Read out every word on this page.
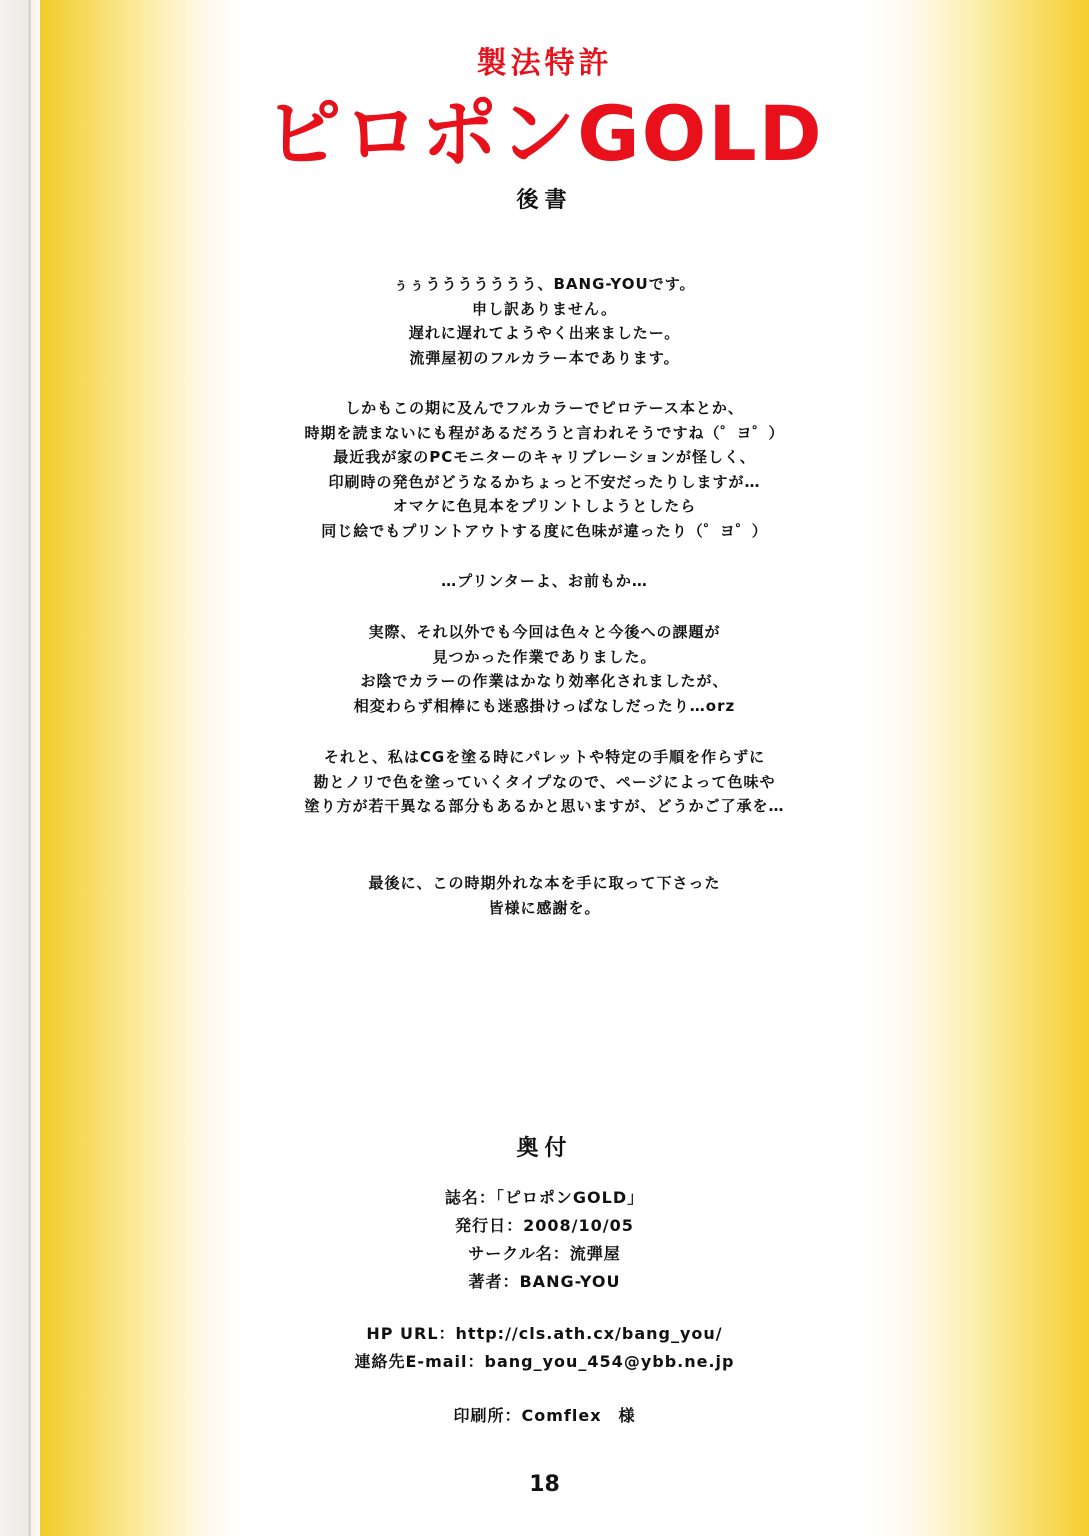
製法特許
ピロポンGOLD
後書
ぅぅううううううう、BANG-YOUです。
申し訳ありません。
遅れに遅れてようやく出来ましたー。
流弾屋初のフルカラー本であります。
しかもこの期に及んでフルカラーでピロテース本とか、
時期を読まないにも程があるだろうと言われそうですね（゜ヨ゜）
最近我が家のPCモニターのキャリブレーションが怪しく、
印刷時の発色がどうなるかちょっと不安だったりしますが…
オマケに色見本をプリントしようとしたら
同じ絵でもプリントアウトする度に色味が違ったり（゜ヨ゜）
…プリンターよ、お前もか…
実際、それ以外でも今回は色々と今後への課題が
見つかった作業でありました。
お陰でカラーの作業はかなり効率化されましたが、
相変わらず相棒にも迷惑掛けっぱなしだったり…orz
それと、私はCGを塗る時にパレットや特定の手順を作らずに
勘とノリで色を塗っていくタイプなので、ページによって色味や
塗り方が若干異なる部分もあるかと思いますが、どうかご了承を…
最後に、この時期外れな本を手に取って下さった
皆様に感謝を。
奥付
誌名：「ピロポンGOLD」
発行日：2008/10/05
サークル名：流弾屋
著者：BANG-YOU
HP URL：http://cls.ath.cx/bang_you/
連絡先E-mail：bang_you_454@ybb.ne.jp
印刷所：Comflex　様
18
